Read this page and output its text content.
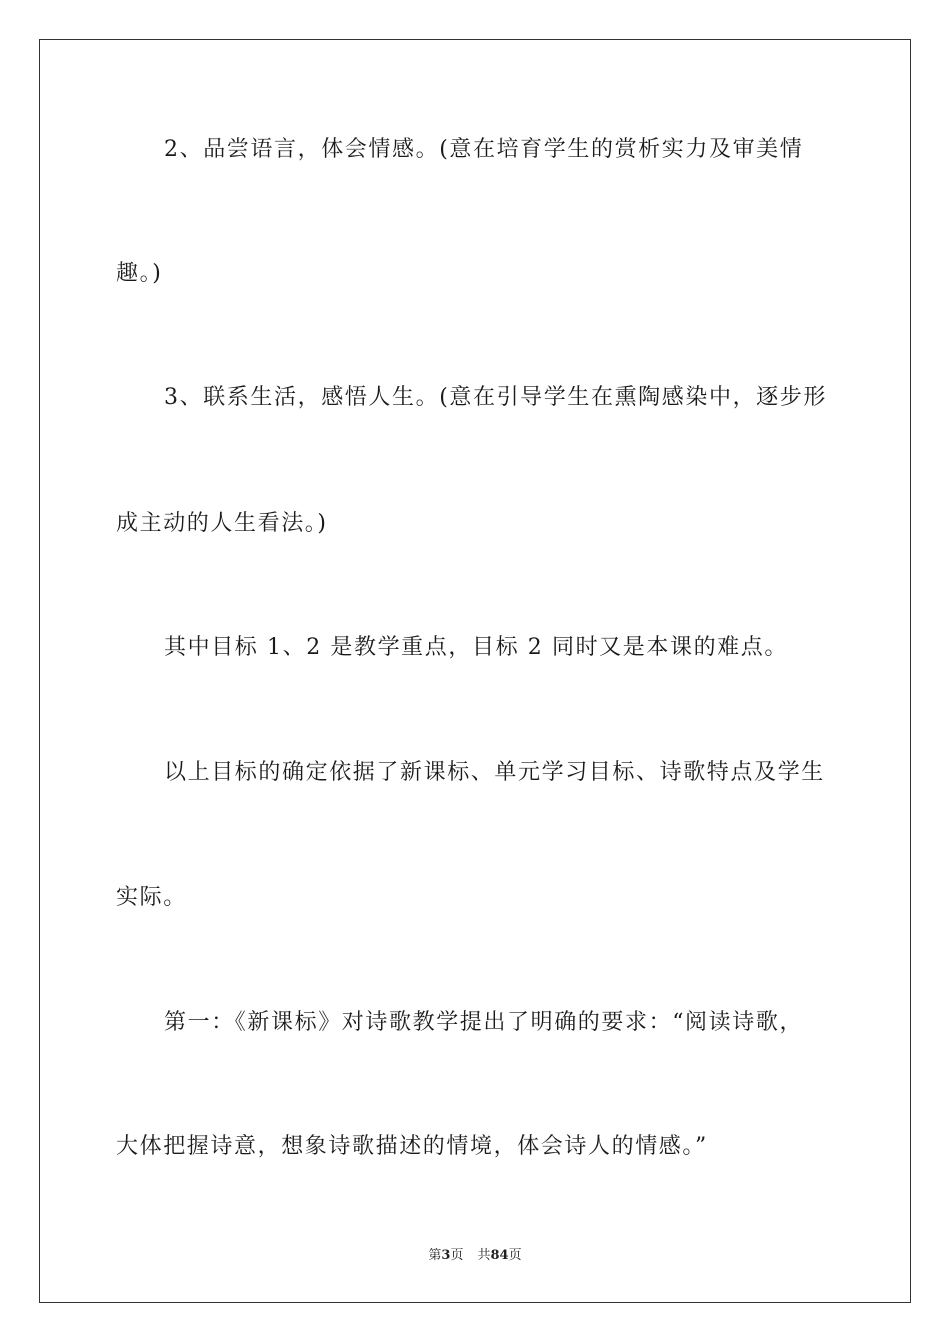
2、品尝语言，体会情感。(意在培育学生的赏析实力及审美情
趣。)
3、联系生活，感悟人生。(意在引导学生在熏陶感染中，逐步形
成主动的人生看法。)
其中目标 1、2 是教学重点，目标 2 同时又是本课的难点。
以上目标的确定依据了新课标、单元学习目标、诗歌特点及学生
实际。
第一：《新课标》对诗歌教学提出了明确的要求：“阅读诗歌，
大体把握诗意，想象诗歌描述的情境，体会诗人的情感。”
第3页 共84页
